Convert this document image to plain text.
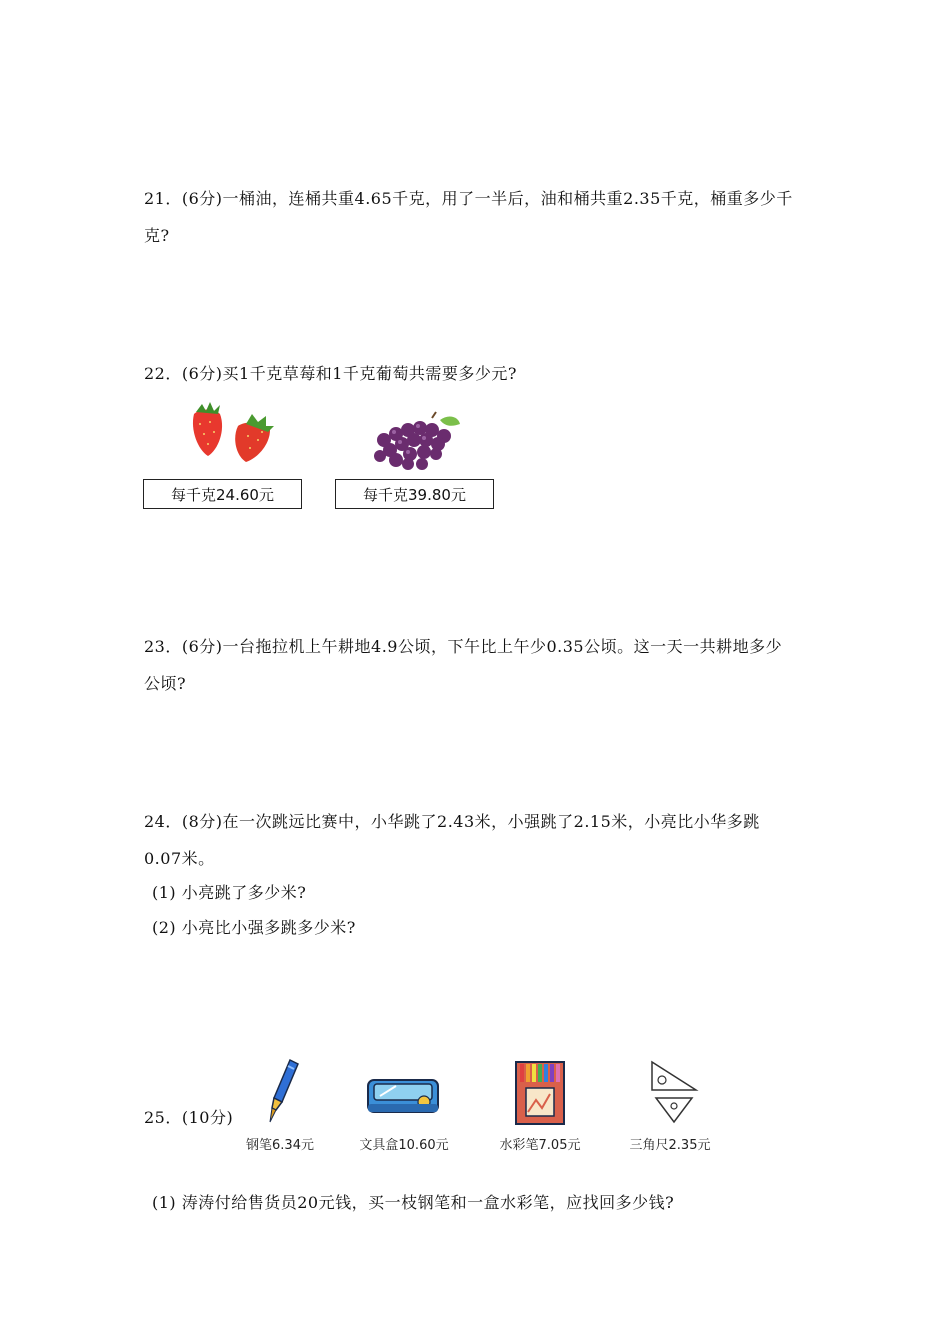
21．(6分)一桶油，连桶共重4.65千克，用了一半后，油和桶共重2.35千克，桶重多少千
克?
22．(6分)买1千克草莓和1千克葡萄共需要多少元?
每千克24.60元	每千克39.80元
23．(6分)一台拖拉机上午耕地4.9公顷，下午比上午少0.35公顷。这一天一共耕地多少
公顷?
24．(8分)在一次跳远比赛中，小华跳了2.43米，小强跳了2.15米，小亮比小华多跳
0.07米。
(1) 小亮跳了多少米?
(2) 小亮比小强多跳多少米?
25．(10分)
钢笔6.34元	文具盒10.60元	水彩笔7.05元	三角尺2.35元
(1) 涛涛付给售货员20元钱，买一枝钢笔和一盒水彩笔，应找回多少钱?
